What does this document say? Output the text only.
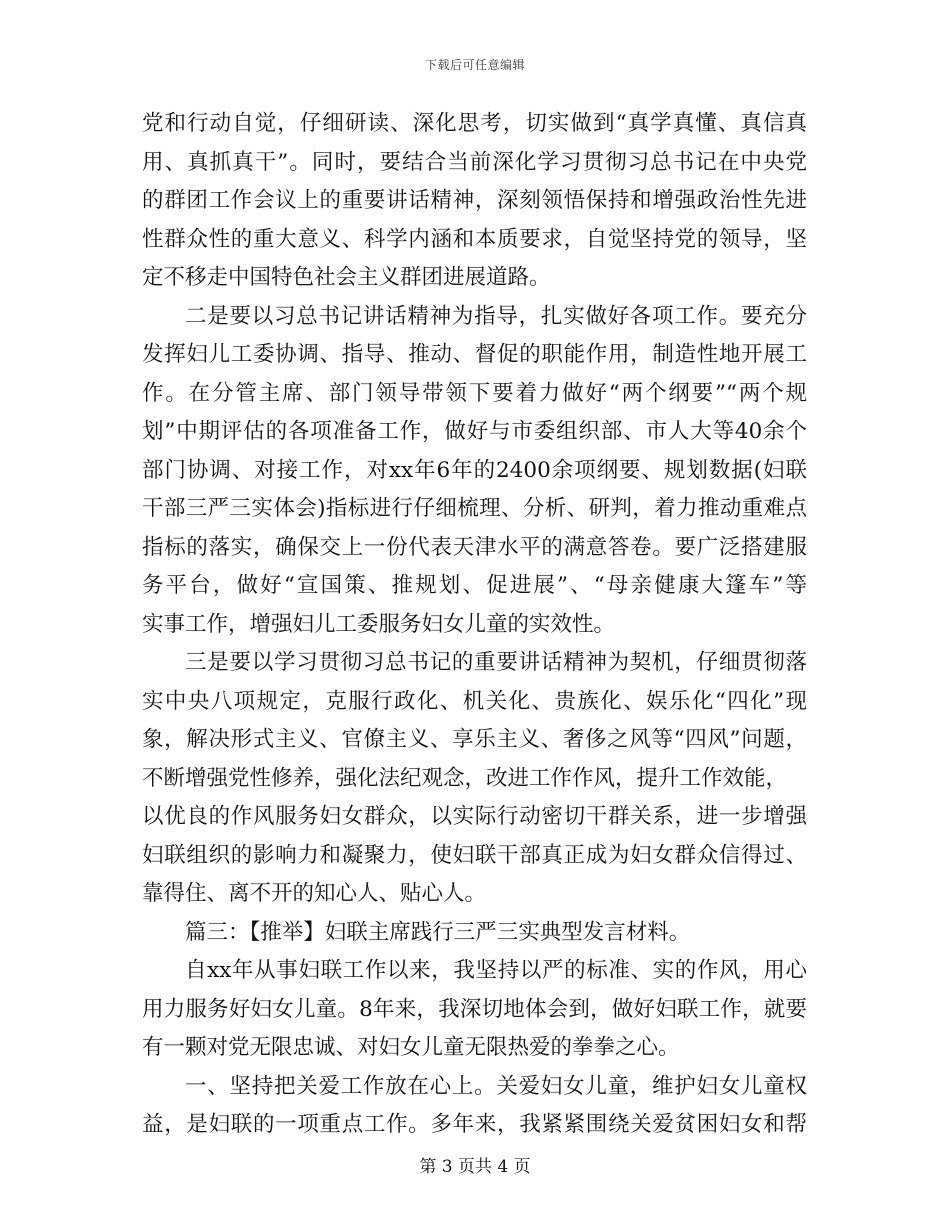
下载后可任意编辑
党和行动自觉，仔细研读、深化思考，切实做到“真学真懂、真信真
用、真抓真干”。同时，要结合当前深化学习贯彻习总书记在中央党
的群团工作会议上的重要讲话精神，深刻领悟保持和增强政治性先进
性群众性的重大意义、科学内涵和本质要求，自觉坚持党的领导，坚
定不移走中国特色社会主义群团进展道路。
二是要以习总书记讲话精神为指导，扎实做好各项工作。要充分
发挥妇儿工委协调、指导、推动、督促的职能作用，制造性地开展工
作。在分管主席、部门领导带领下要着力做好“两个纲要”“两个规
划”中期评估的各项准备工作，做好与市委组织部、市人大等40余个
部门协调、对接工作，对xx年6年的2400余项纲要、规划数据(妇联
干部三严三实体会)指标进行仔细梳理、分析、研判，着力推动重难点
指标的落实，确保交上一份代表天津水平的满意答卷。要广泛搭建服
务平台，做好“宣国策、推规划、促进展”、“母亲健康大篷车”等
实事工作，增强妇儿工委服务妇女儿童的实效性。
三是要以学习贯彻习总书记的重要讲话精神为契机，仔细贯彻落
实中央八项规定，克服行政化、机关化、贵族化、娱乐化“四化”现
象，解决形式主义、官僚主义、享乐主义、奢侈之风等“四风”问题，
不断增强党性修养，强化法纪观念，改进工作作风，提升工作效能，
以优良的作风服务妇女群众，以实际行动密切干群关系，进一步增强
妇联组织的影响力和凝聚力，使妇联干部真正成为妇女群众信得过、
靠得住、离不开的知心人、贴心人。
篇三：【推举】妇联主席践行三严三实典型发言材料。
自xx年从事妇联工作以来，我坚持以严的标准、实的作风，用心
用力服务好妇女儿童。8年来，我深切地体会到，做好妇联工作，就要
有一颗对党无限忠诚、对妇女儿童无限热爱的拳拳之心。
一、坚持把关爱工作放在心上。关爱妇女儿童，维护妇女儿童权
益，是妇联的一项重点工作。多年来，我紧紧围绕关爱贫困妇女和帮
第 3 页共 4 页
